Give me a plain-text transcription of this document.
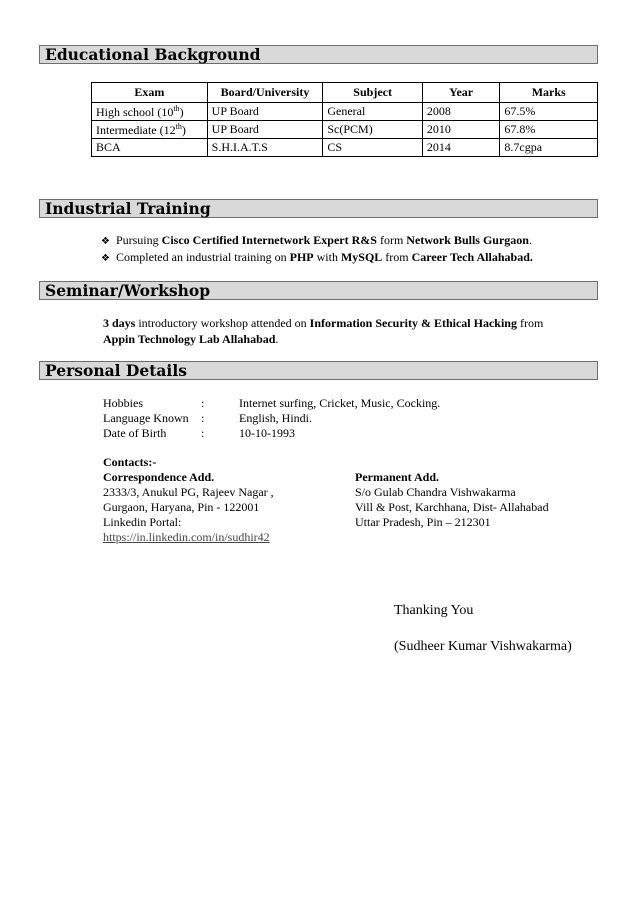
Educational Background
Exam	Board/University	Subject	Year	Marks
High school (10th)	UP Board	General	2008	67.5%
Intermediate (12th)	UP Board	Sc(PCM)	2010	67.8%
BCA	S.H.I.A.T.S	CS	2014	8.7cgpa
Industrial Training
❖ Pursuing Cisco Certified Internetwork Expert R&S form Network Bulls Gurgaon.
❖ Completed an industrial training on PHP with MySQL from Career Tech Allahabad.
Seminar/Workshop
3 days introductory workshop attended on Information Security & Ethical Hacking from
Appin Technology Lab Allahabad.
Personal Details
Hobbies	:	Internet surfing, Cricket, Music, Cocking.
Language Known :	English, Hindi.
Date of Birth	:	10-10-1993
Contacts:-
Correspondence Add.
2333/3, Anukul PG, Rajeev Nagar ,
Gurgaon, Haryana, Pin - 122001
Linkedin Portal:
https://in.linkedin.com/in/sudhir42
Permanent Add.
S/o Gulab Chandra Vishwakarma
Vill & Post, Karchhana, Dist- Allahabad
Uttar Pradesh, Pin – 212301
Thanking You
(Sudheer Kumar Vishwakarma)
